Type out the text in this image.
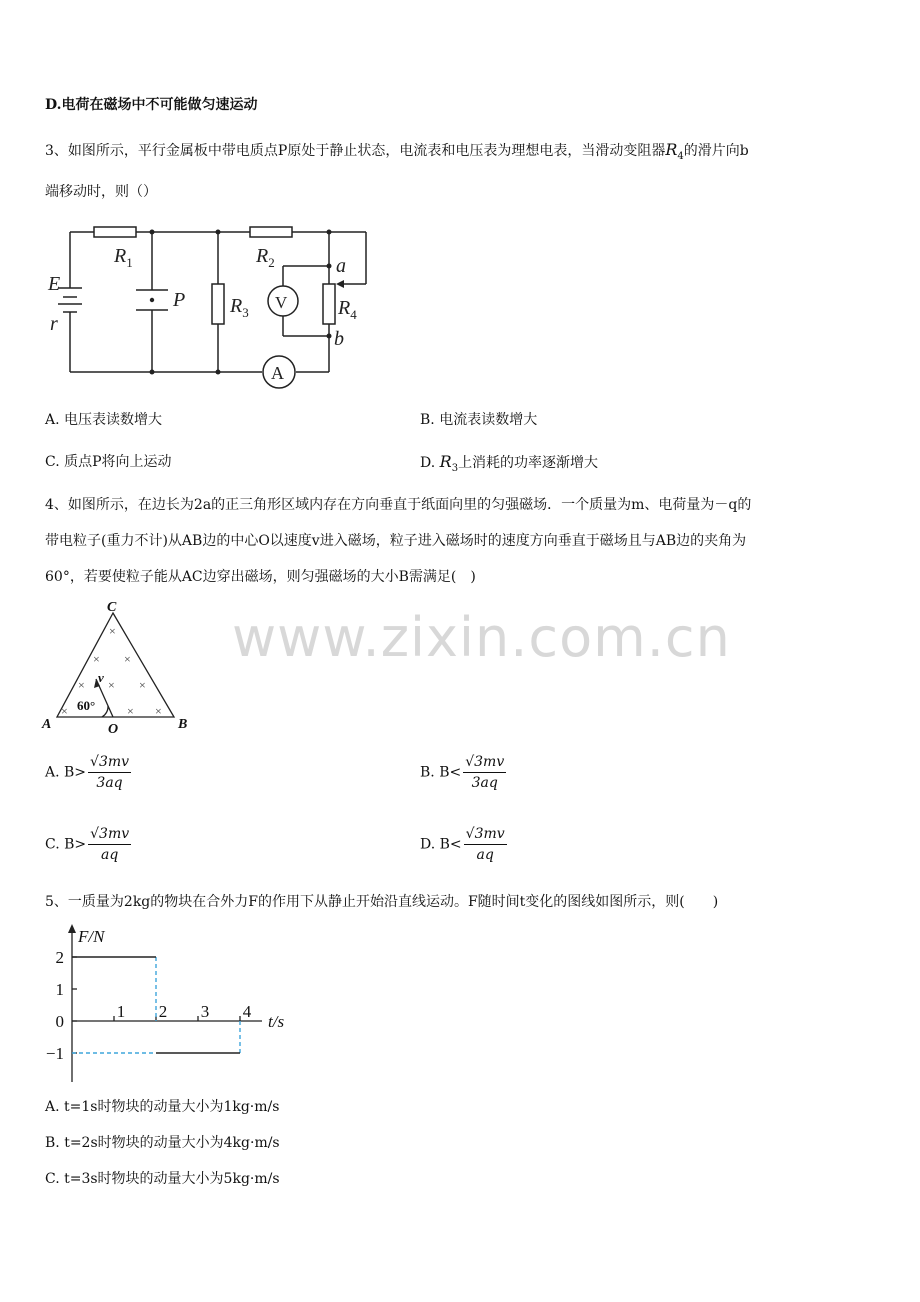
D.电荷在磁场中不可能做匀速运动
3、如图所示，平行金属板中带电质点P原处于静止状态，电流表和电压表为理想电表，当滑动变阻器$R_4$的滑片向b
端移动时，则（）
E
r
$R_1$
P $R_3$
$R_2$	a
$R_4$
b
V
A
A. 电压表读数增大	B. 电流表读数增大
C. 质点P将向上运动	D. $R_3$上消耗的功率逐渐增大
4、如图所示，在边长为2a的正三角形区域内存在方向垂直于纸面向里的匀强磁场．一个质量为m、电荷量为－q的
带电粒子(重力不计)从AB边的中心O以速度v进入磁场，粒子进入磁场时的速度方向垂直于磁场且与AB边的夹角为
60°，若要使粒子能从AC边穿出磁场，则匀强磁场的大小B需满足(　)
×
× ×
× × ×
×	× ×
C
A	B
O
v
60°
A. $B> \frac{√3mv}{3aq}$	B. $B< \frac{√3mv}{3aq}$
C. $B> \frac{√3mv}{aq}$	D. $B< \frac{√3mv}{aq}$
www.zixin.com.cn
5、一质量为2kg的物块在合外力F的作用下从静止开始沿直线运动。F随时间t变化的图线如图所示，则(　　)
2
1
0
−1
1 2 3 4
F/N
t/s
A. t=1s时物块的动量大小为1kg·m/s
B. t=2s时物块的动量大小为4kg·m/s
C. t=3s时物块的动量大小为5kg·m/s
